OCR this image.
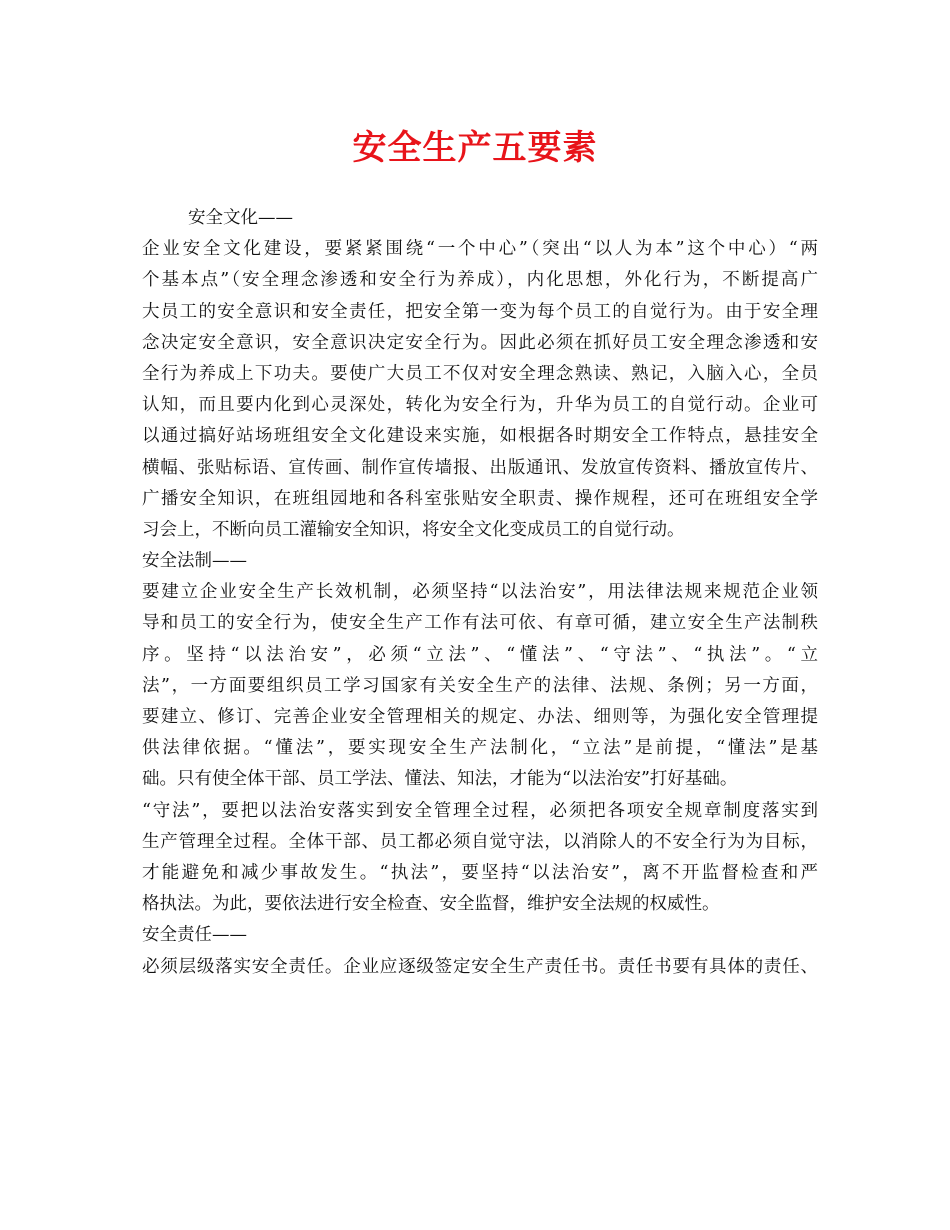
安全生产五要素
安全文化——
企业安全文化建设，要紧紧围绕“一个中心”（突出“以人为本”这个中心）“两
个基本点”（安全理念渗透和安全行为养成），内化思想，外化行为，不断提高广
大员工的安全意识和安全责任，把安全第一变为每个员工的自觉行为。由于安全理
念决定安全意识，安全意识决定安全行为。因此必须在抓好员工安全理念渗透和安
全行为养成上下功夫。要使广大员工不仅对安全理念熟读、熟记，入脑入心，全员
认知，而且要内化到心灵深处，转化为安全行为，升华为员工的自觉行动。企业可
以通过搞好站场班组安全文化建设来实施，如根据各时期安全工作特点，悬挂安全
横幅、张贴标语、宣传画、制作宣传墙报、出版通讯、发放宣传资料、播放宣传片、
广播安全知识，在班组园地和各科室张贴安全职责、操作规程，还可在班组安全学
习会上，不断向员工灌输安全知识，将安全文化变成员工的自觉行动。
安全法制——
要建立企业安全生产长效机制，必须坚持“以法治安”，用法律法规来规范企业领
导和员工的安全行为，使安全生产工作有法可依、有章可循，建立安全生产法制秩
序。坚持“以法治安”，必须“立法”、“懂法”、“守法”、“执法”。“立
法”，一方面要组织员工学习国家有关安全生产的法律、法规、条例；另一方面，
要建立、修订、完善企业安全管理相关的规定、办法、细则等，为强化安全管理提
供法律依据。“懂法”，要实现安全生产法制化，“立法”是前提，“懂法”是基
础。只有使全体干部、员工学法、懂法、知法，才能为“以法治安”打好基础。
“守法”，要把以法治安落实到安全管理全过程，必须把各项安全规章制度落实到
生产管理全过程。全体干部、员工都必须自觉守法，以消除人的不安全行为为目标，
才能避免和减少事故发生。“执法”，要坚持“以法治安”，离不开监督检查和严
格执法。为此，要依法进行安全检查、安全监督，维护安全法规的权威性。
安全责任——
必须层级落实安全责任。企业应逐级签定安全生产责任书。责任书要有具体的责任、
